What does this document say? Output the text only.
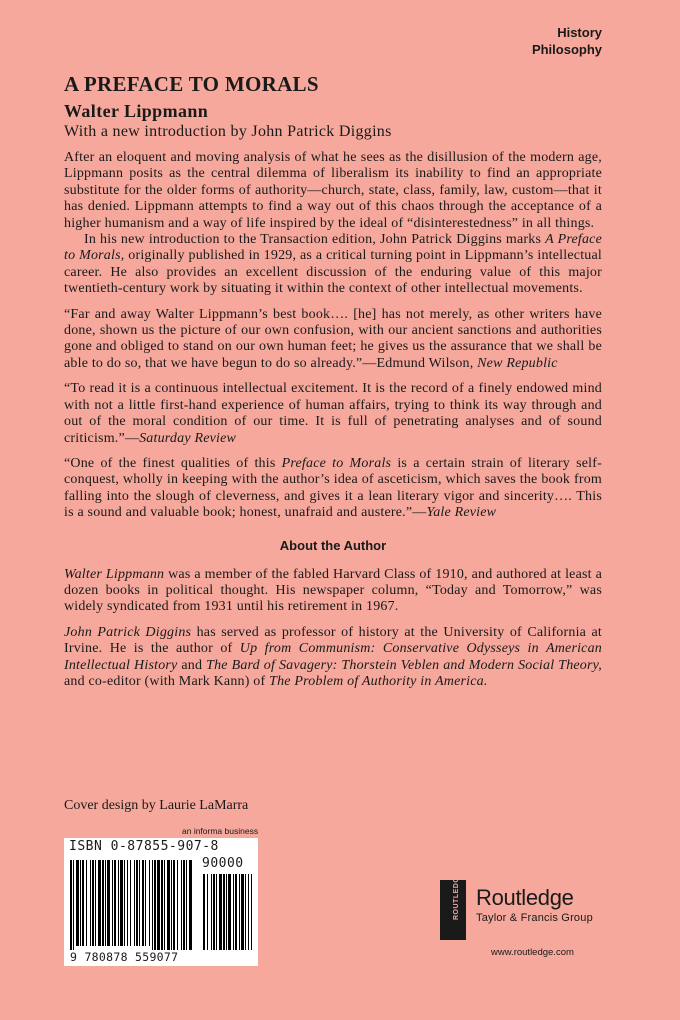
History
Philosophy
A PREFACE TO MORALS
Walter Lippmann
With a new introduction by John Patrick Diggins

After an eloquent and moving analysis of what he sees as the disillusion of the modern age, Lippmann posits as the central dilemma of liberalism its inability to find an appropriate substitute for the older forms of authority—church, state, class, family, law, custom—that it has denied. Lippmann attempts to find a way out of this chaos through the acceptance of a higher humanism and a way of life inspired by the ideal of “disinterestedness” in all things.

In his new introduction to the Transaction edition, John Patrick Diggins marks A Preface to Morals, originally published in 1929, as a critical turning point in Lippmann’s intellectual career. He also provides an excellent discussion of the enduring value of this major twentieth-century work by situating it within the context of other intellectual movements.

“Far and away Walter Lippmann’s best book…. [he] has not merely, as other writers have done, shown us the picture of our own confusion, with our ancient sanctions and authorities gone and obliged to stand on our own human feet; he gives us the assurance that we shall be able to do so, that we have begun to do so already.”—Edmund Wilson, New Republic

“To read it is a continuous intellectual excitement. It is the record of a finely endowed mind with not a little first-hand experience of human affairs, trying to think its way through and out of the moral condition of our time. It is full of penetrating analyses and of sound criticism.”—Saturday Review

“One of the finest qualities of this Preface to Morals is a certain strain of literary self-conquest, wholly in keeping with the author’s idea of asceticism, which saves the book from falling into the slough of cleverness, and gives it a lean literary vigor and sincerity…. This is a sound and valuable book; honest, unafraid and austere.”—Yale Review

About the Author

Walter Lippmann was a member of the fabled Harvard Class of 1910, and authored at least a dozen books in political thought. His newspaper column, “Today and Tomorrow,” was widely syndicated from 1931 until his retirement in 1967.

John Patrick Diggins has served as professor of history at the University of California at Irvine. He is the author of Up from Communism: Conservative Odysseys in American Intellectual History and The Bard of Savagery: Thorstein Veblen and Modern Social Theory, and co-editor (with Mark Kann) of The Problem of Authority in America.

Cover design by Laurie LaMarra
an informa business
ISBN 0-87855-907-8
90000
9 780878 559077
ROUTLEDGE Routledge
Taylor & Francis Group
www.routledge.com
